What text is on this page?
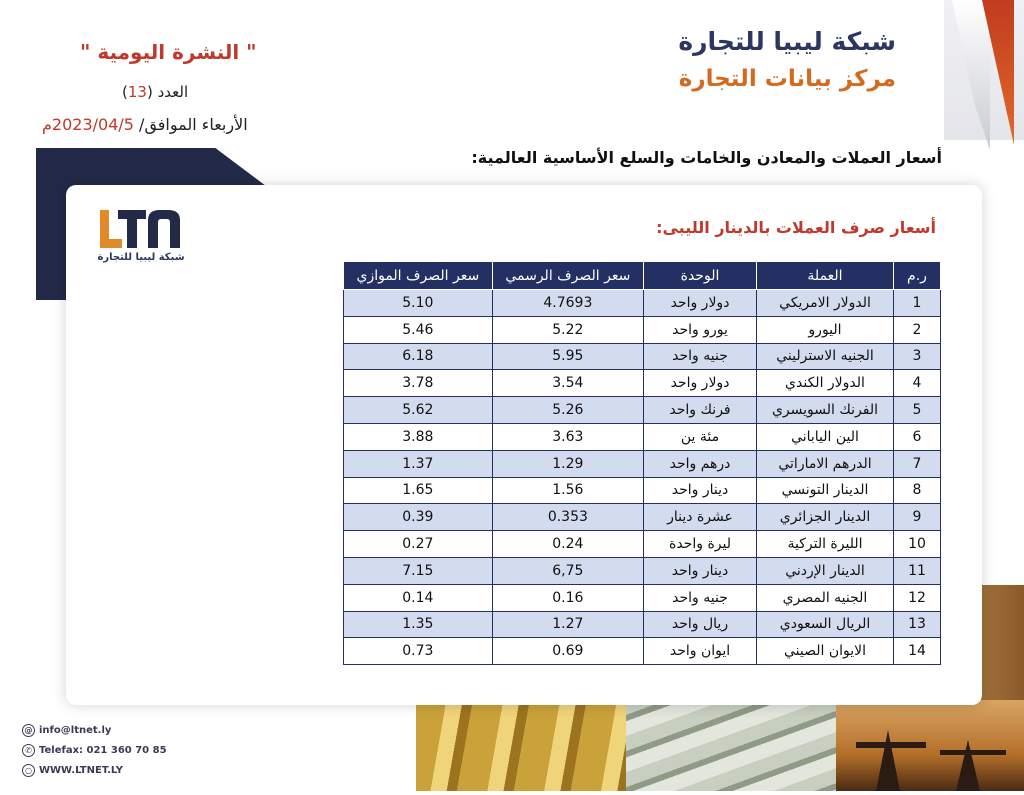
شبكة ليبيا للتجارة
مركز بيانات التجارة
" النشرة اليومية "
العدد (13)
الأربعاء الموافق/ 2023/04/5م
أسعار العملات والمعادن والخامات والسلع الأساسية العالمية:
شبكة ليبيا للتجارة
أسعار صرف العملات بالدينار الليبى:
ر.م	العملة	الوحدة	سعر الصرف الرسمي	سعر الصرف الموازي
1	الدولار الامريكي	دولار واحد	4.7693	5.10
2	اليورو	يورو واحد	5.22	5.46
3	الجنيه الاسترليني	جنيه واحد	5.95	6.18
4	الدولار الكندي	دولار واحد	3.54	3.78
5	الفرنك السويسري	فرنك واحد	5.26	5.62
6	الين الياباني	مئة ين	3.63	3.88
7	الدرهم الاماراتي	درهم واحد	1.29	1.37
8	الدينار التونسي	دينار واحد	1.56	1.65
9	الدينار الجزائري	عشرة دينار	0.353	0.39
10	الليرة التركية	ليرة واحدة	0.24	0.27
11	الدينار الإردني	دينار واحد	6,75	7.15
12	الجنيه المصري	جنيه واحد	0.16	0.14
13	الريال السعودي	ريال واحد	1.27	1.35
14	الايوان الصيني	ايوان واحد	0.69	0.73
@ info@ltnet.ly
✆ Telefax: 021 360 70 85
○ WWW.LTNET.LY
